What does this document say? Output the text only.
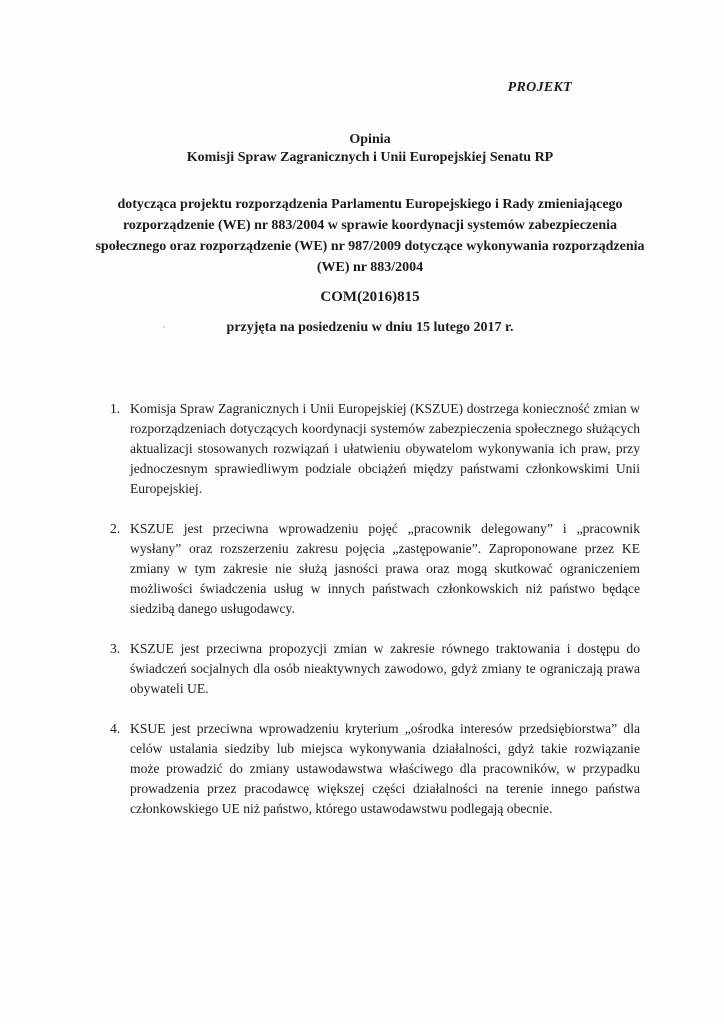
PROJEKT
Opinia
Komisji Spraw Zagranicznych i Unii Europejskiej Senatu RP
dotycząca projektu rozporządzenia Parlamentu Europejskiego i Rady zmieniającego rozporządzenie (WE) nr 883/2004 w sprawie koordynacji systemów zabezpieczenia społecznego oraz rozporządzenie (WE) nr 987/2009 dotyczące wykonywania rozporządzenia (WE) nr 883/2004
COM(2016)815
przyjęta na posiedzeniu w dniu 15 lutego 2017 r.
1. Komisja Spraw Zagranicznych i Unii Europejskiej (KSZUE) dostrzega konieczność zmian w rozporządzeniach dotyczących koordynacji systemów zabezpieczenia społecznego służących aktualizacji stosowanych rozwiązań i ułatwieniu obywatelom wykonywania ich praw, przy jednoczesnym sprawiedliwym podziale obciążeń między państwami członkowskimi Unii Europejskiej.
2. KSZUE jest przeciwna wprowadzeniu pojęć „pracownik delegowany” i „pracownik wysłany” oraz rozszerzeniu zakresu pojęcia „zastępowanie”. Zaproponowane przez KE zmiany w tym zakresie nie służą jasności prawa oraz mogą skutkować ograniczeniem możliwości świadczenia usług w innych państwach członkowskich niż państwo będące siedzibą danego usługodawcy.
3. KSZUE jest przeciwna propozycji zmian w zakresie równego traktowania i dostępu do świadczeń socjalnych dla osób nieaktywnych zawodowo, gdyż zmiany te ograniczają prawa obywateli UE.
4. KSUE jest przeciwna wprowadzeniu kryterium „ośrodka interesów przedsiębiorstwa” dla celów ustalania siedziby lub miejsca wykonywania działalności, gdyż takie rozwiązanie może prowadzić do zmiany ustawodawstwa właściwego dla pracowników, w przypadku prowadzenia przez pracodawcę większej części działalności na terenie innego państwa członkowskiego UE niż państwo, którego ustawodawstwu podlegają obecnie.
